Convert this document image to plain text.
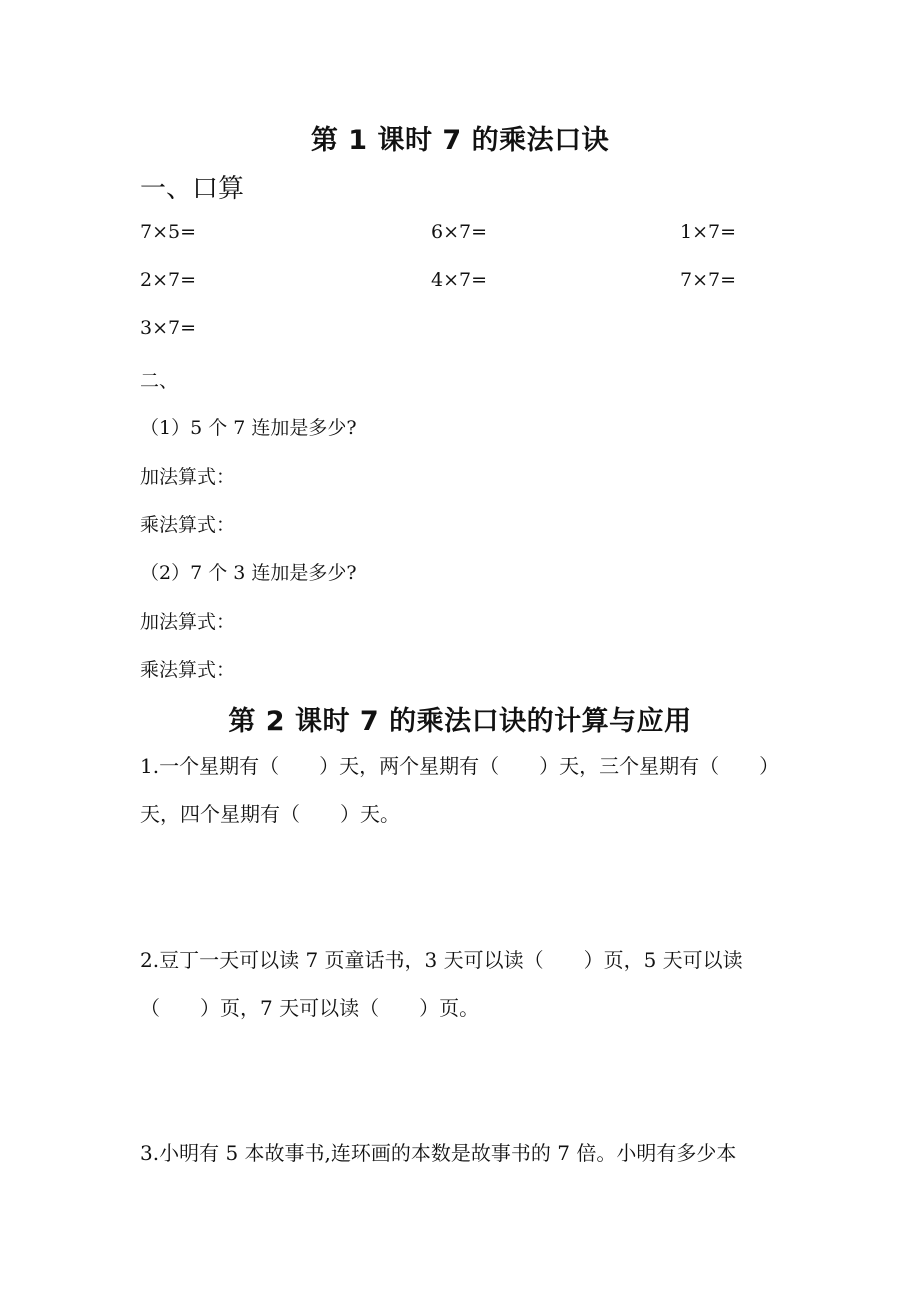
第 1 课时 7 的乘法口诀
一、口算
7×5=	6×7=	1×7=
2×7=	4×7=	7×7=
3×7=
二、
（1）5 个 7 连加是多少?
加法算式：
乘法算式：
（2）7 个 3 连加是多少?
加法算式：
乘法算式：
第 2 课时 7 的乘法口诀的计算与应用
1.一个星期有（　　）天，两个星期有（　　）天，三个星期有（　　）
天，四个星期有（　　）天。
2.豆丁一天可以读 7 页童话书，3 天可以读（　　）页，5 天可以读
（　　）页，7 天可以读（　　）页。
3.小明有 5 本故事书,连环画的本数是故事书的 7 倍。小明有多少本
